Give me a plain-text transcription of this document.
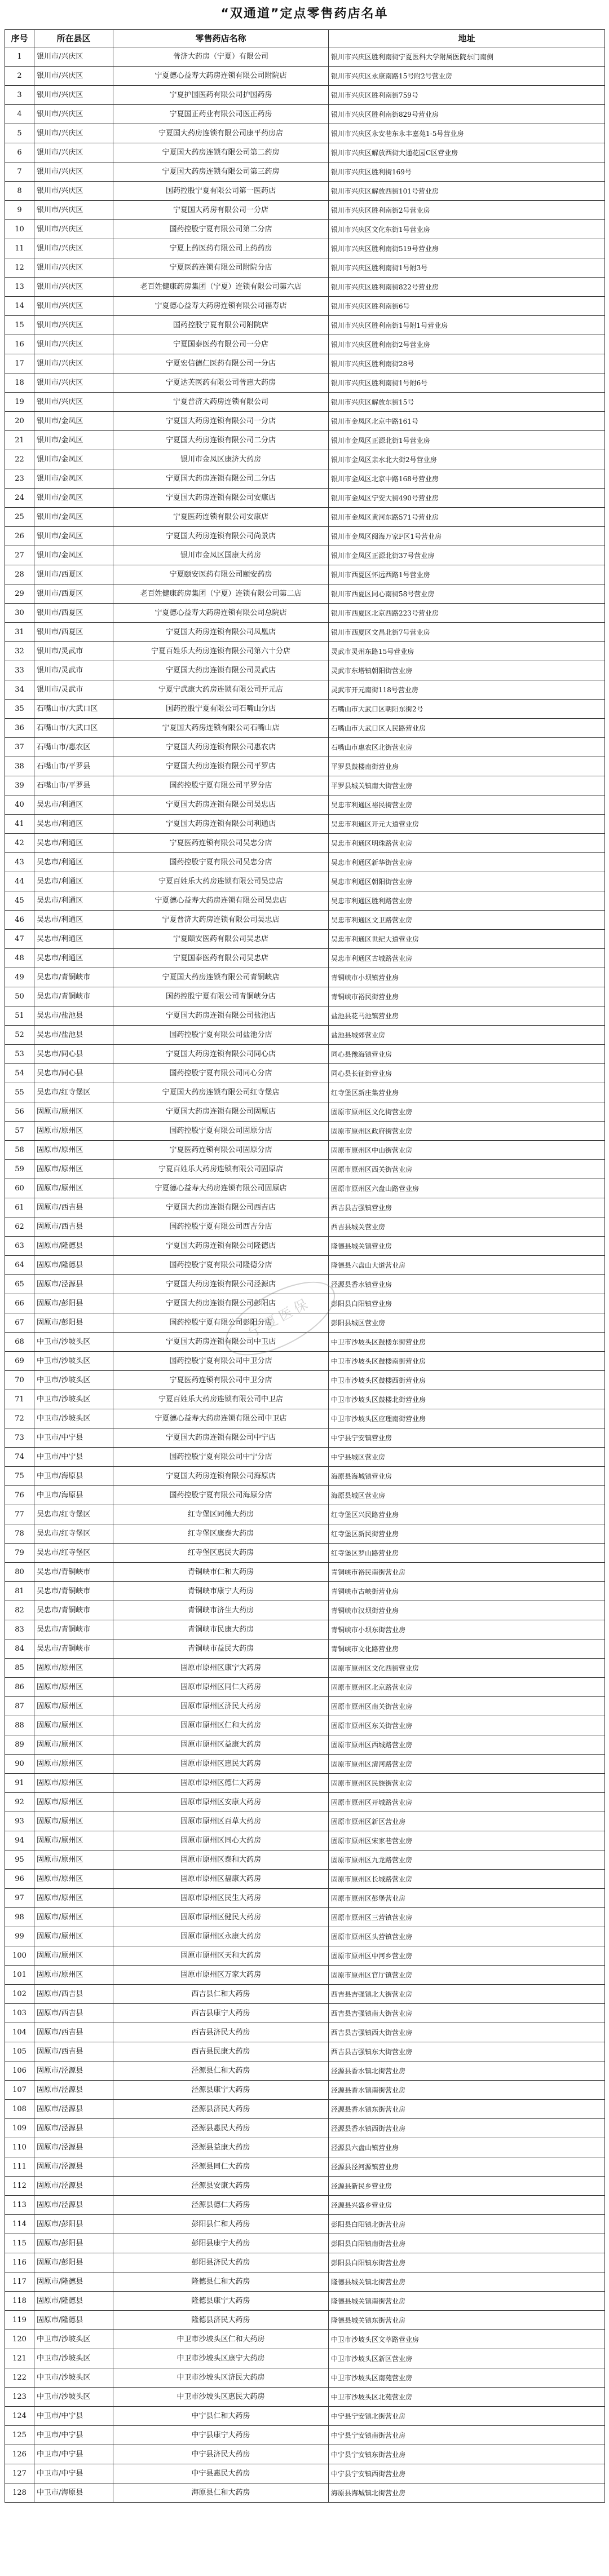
“双通道”定点零售药店名单
序号	所在县区	零售药店名称	地址
1	银川市/兴庆区	普济大药房（宁夏）有限公司	银川市兴庆区胜利南街宁夏医科大学附属医院东门南侧
2	银川市/兴庆区	宁夏德心益寿大药房连锁有限公司附院店	银川市兴庆区永康南路15号附2号营业房
3	银川市/兴庆区	宁夏护国医药有限公司护国药房	银川市兴庆区胜利南街759号
4	银川市/兴庆区	宁夏国正药业有限公司医正药房	银川市兴庆区胜利南街829号营业房
5	银川市/兴庆区	宁夏国大药房连锁有限公司康平药房店	银川市兴庆区永安巷东永丰嘉苑1-5号营业房
6	银川市/兴庆区	宁夏国大药房连锁有限公司第二药房	银川市兴庆区解放西街大通花园C区营业房
7	银川市/兴庆区	宁夏国大药房连锁有限公司第三药房	银川市兴庆区胜利街169号
8	银川市/兴庆区	国药控股宁夏有限公司第一医药店	银川市兴庆区解放西街101号营业房
9	银川市/兴庆区	宁夏国大药房有限公司一分店	银川市兴庆区胜利南街2号营业房
10	银川市/兴庆区	国药控股宁夏有限公司第二分店	银川市兴庆区文化东街1号营业房
11	银川市/兴庆区	宁夏上药医药有限公司上药药房	银川市兴庆区胜利南街519号营业房
12	银川市/兴庆区	宁夏医药连锁有限公司附院分店	银川市兴庆区胜利南街1号附3号
13	银川市/兴庆区	老百姓健康药房集团（宁夏）连锁有限公司第六店	银川市兴庆区胜利南街822号营业房
14	银川市/兴庆区	宁夏德心益寿大药房连锁有限公司福寿店	银川市兴庆区胜利南街6号
15	银川市/兴庆区	国药控股宁夏有限公司附院店	银川市兴庆区胜利南街1号附1号营业房
16	银川市/兴庆区	宁夏国泰医药有限公司一分店	银川市兴庆区胜利南街2号营业房
17	银川市/兴庆区	宁夏宏信德仁医药有限公司一分店	银川市兴庆区胜利南街28号
18	银川市/兴庆区	宁夏达芙医药有限公司普惠大药房	银川市兴庆区胜利南街1号附6号
19	银川市/兴庆区	宁夏普济大药房连锁有限公司	银川市兴庆区解放东街15号
20	银川市/金凤区	宁夏国大药房连锁有限公司一分店	银川市金凤区北京中路161号
21	银川市/金凤区	宁夏国大药房连锁有限公司二分店	银川市金凤区正源北街1号营业房
22	银川市/金凤区	银川市金凤区康济大药房	银川市金凤区亲水北大街2号营业房
23	银川市/金凤区	宁夏国大药房连锁有限公司二分店	银川市金凤区北京中路168号营业房
24	银川市/金凤区	宁夏国大药房连锁有限公司安康店	银川市金凤区宁安大街490号营业房
25	银川市/金凤区	宁夏医药连锁有限公司安康店	银川市金凤区黄河东路571号营业房
26	银川市/金凤区	宁夏国大药房连锁有限公司尚景店	银川市金凤区阅海万家F区1号营业房
27	银川市/金凤区	银川市金凤区国康大药房	银川市金凤区正源北街37号营业房
28	银川市/西夏区	宁夏颐安医药有限公司颐安药房	银川市西夏区怀远西路1号营业房
29	银川市/西夏区	老百姓健康药房集团（宁夏）连锁有限公司第二店	银川市西夏区同心南街58号营业房
30	银川市/西夏区	宁夏德心益寿大药房连锁有限公司总院店	银川市西夏区北京西路223号营业房
31	银川市/西夏区	宁夏国大药房连锁有限公司凤凰店	银川市西夏区文昌北街7号营业房
32	银川市/灵武市	宁夏百姓乐大药房连锁有限公司第六十分店	灵武市灵州东路15号营业房
33	银川市/灵武市	宁夏国大药房连锁有限公司灵武店	灵武市东塔镇朝阳街营业房
34	银川市/灵武市	宁夏宁武康大药房连锁有限公司开元店	灵武市开元南街118号营业房
35	石嘴山市/大武口区	国药控股宁夏有限公司石嘴山分店	石嘴山市大武口区朝阳东街2号
36	石嘴山市/大武口区	宁夏国大药房连锁有限公司石嘴山店	石嘴山市大武口区人民路营业房
37	石嘴山市/惠农区	宁夏国大药房连锁有限公司惠农店	石嘴山市惠农区北街营业房
38	石嘴山市/平罗县	宁夏国大药房连锁有限公司平罗店	平罗县鼓楼南街营业房
39	石嘴山市/平罗县	国药控股宁夏有限公司平罗分店	平罗县城关镇南大街营业房
40	吴忠市/利通区	宁夏国大药房连锁有限公司吴忠店	吴忠市利通区裕民街营业房
41	吴忠市/利通区	宁夏国大药房连锁有限公司利通店	吴忠市利通区开元大道营业房
42	吴忠市/利通区	宁夏医药连锁有限公司吴忠分店	吴忠市利通区明珠路营业房
43	吴忠市/利通区	国药控股宁夏有限公司吴忠分店	吴忠市利通区新华街营业房
44	吴忠市/利通区	宁夏百姓乐大药房连锁有限公司吴忠店	吴忠市利通区朝阳街营业房
45	吴忠市/利通区	宁夏德心益寿大药房连锁有限公司吴忠店	吴忠市利通区胜利路营业房
46	吴忠市/利通区	宁夏普济大药房连锁有限公司吴忠店	吴忠市利通区文卫路营业房
47	吴忠市/利通区	宁夏颐安医药有限公司吴忠店	吴忠市利通区世纪大道营业房
48	吴忠市/利通区	宁夏国泰医药有限公司吴忠店	吴忠市利通区古城路营业房
49	吴忠市/青铜峡市	宁夏国大药房连锁有限公司青铜峡店	青铜峡市小坝镇营业房
50	吴忠市/青铜峡市	国药控股宁夏有限公司青铜峡分店	青铜峡市裕民街营业房
51	吴忠市/盐池县	宁夏国大药房连锁有限公司盐池店	盐池县花马池镇营业房
52	吴忠市/盐池县	国药控股宁夏有限公司盐池分店	盐池县城郊营业房
53	吴忠市/同心县	宁夏国大药房连锁有限公司同心店	同心县豫海镇营业房
54	吴忠市/同心县	国药控股宁夏有限公司同心分店	同心县长征街营业房
55	吴忠市/红寺堡区	宁夏国大药房连锁有限公司红寺堡店	红寺堡区新庄集营业房
56	固原市/原州区	宁夏国大药房连锁有限公司固原店	固原市原州区文化街营业房
57	固原市/原州区	国药控股宁夏有限公司固原分店	固原市原州区政府街营业房
58	固原市/原州区	宁夏医药连锁有限公司固原分店	固原市原州区中山街营业房
59	固原市/原州区	宁夏百姓乐大药房连锁有限公司固原店	固原市原州区西关街营业房
60	固原市/原州区	宁夏德心益寿大药房连锁有限公司固原店	固原市原州区六盘山路营业房
61	固原市/西吉县	宁夏国大药房连锁有限公司西吉店	西吉县吉强镇营业房
62	固原市/西吉县	国药控股宁夏有限公司西吉分店	西吉县城关营业房
63	固原市/隆德县	宁夏国大药房连锁有限公司隆德店	隆德县城关镇营业房
64	固原市/隆德县	国药控股宁夏有限公司隆德分店	隆德县六盘山大道营业房
65	固原市/泾源县	宁夏国大药房连锁有限公司泾源店	泾源县香水镇营业房
66	固原市/彭阳县	宁夏国大药房连锁有限公司彭阳店	彭阳县白阳镇营业房
67	固原市/彭阳县	国药控股宁夏有限公司彭阳分店	彭阳县城区营业房
68	中卫市/沙坡头区	宁夏国大药房连锁有限公司中卫店	中卫市沙坡头区鼓楼东街营业房
69	中卫市/沙坡头区	国药控股宁夏有限公司中卫分店	中卫市沙坡头区鼓楼南街营业房
70	中卫市/沙坡头区	宁夏医药连锁有限公司中卫分店	中卫市沙坡头区鼓楼西街营业房
71	中卫市/沙坡头区	宁夏百姓乐大药房连锁有限公司中卫店	中卫市沙坡头区鼓楼北街营业房
72	中卫市/沙坡头区	宁夏德心益寿大药房连锁有限公司中卫店	中卫市沙坡头区应理南街营业房
73	中卫市/中宁县	宁夏国大药房连锁有限公司中宁店	中宁县宁安镇营业房
74	中卫市/中宁县	国药控股宁夏有限公司中宁分店	中宁县城区营业房
75	中卫市/海原县	宁夏国大药房连锁有限公司海原店	海原县海城镇营业房
76	中卫市/海原县	国药控股宁夏有限公司海原分店	海原县城区营业房
77	吴忠市/红寺堡区	红寺堡区同德大药房	红寺堡区兴民路营业房
78	吴忠市/红寺堡区	红寺堡区康泰大药房	红寺堡区新民街营业房
79	吴忠市/红寺堡区	红寺堡区惠民大药房	红寺堡区罗山路营业房
80	吴忠市/青铜峡市	青铜峡市仁和大药房	青铜峡市裕民南街营业房
81	吴忠市/青铜峡市	青铜峡市康宁大药房	青铜峡市古峡街营业房
82	吴忠市/青铜峡市	青铜峡市济生大药房	青铜峡市汉坝街营业房
83	吴忠市/青铜峡市	青铜峡市民康大药房	青铜峡市小坝东街营业房
84	吴忠市/青铜峡市	青铜峡市益民大药房	青铜峡市文化路营业房
85	固原市/原州区	固原市原州区康宁大药房	固原市原州区文化西街营业房
86	固原市/原州区	固原市原州区同仁大药房	固原市原州区北京路营业房
87	固原市/原州区	固原市原州区济民大药房	固原市原州区南关街营业房
88	固原市/原州区	固原市原州区仁和大药房	固原市原州区东关街营业房
89	固原市/原州区	固原市原州区益康大药房	固原市原州区西城路营业房
90	固原市/原州区	固原市原州区惠民大药房	固原市原州区清河路营业房
91	固原市/原州区	固原市原州区德仁大药房	固原市原州区民族街营业房
92	固原市/原州区	固原市原州区安康大药房	固原市原州区开城路营业房
93	固原市/原州区	固原市原州区百草大药房	固原市原州区新区营业房
94	固原市/原州区	固原市原州区同心大药房	固原市原州区宋家巷营业房
95	固原市/原州区	固原市原州区泰和大药房	固原市原州区九龙路营业房
96	固原市/原州区	固原市原州区福康大药房	固原市原州区长城路营业房
97	固原市/原州区	固原市原州区民生大药房	固原市原州区彭堡营业房
98	固原市/原州区	固原市原州区健民大药房	固原市原州区三营镇营业房
99	固原市/原州区	固原市原州区永康大药房	固原市原州区头营镇营业房
100	固原市/原州区	固原市原州区天和大药房	固原市原州区中河乡营业房
101	固原市/原州区	固原市原州区万家大药房	固原市原州区官厅镇营业房
102	固原市/西吉县	西吉县仁和大药房	西吉县吉强镇北大街营业房
103	固原市/西吉县	西吉县康宁大药房	西吉县吉强镇南大街营业房
104	固原市/西吉县	西吉县济民大药房	西吉县吉强镇西大街营业房
105	固原市/西吉县	西吉县民康大药房	西吉县吉强镇东大街营业房
106	固原市/泾源县	泾源县仁和大药房	泾源县香水镇北街营业房
107	固原市/泾源县	泾源县康宁大药房	泾源县香水镇南街营业房
108	固原市/泾源县	泾源县济民大药房	泾源县香水镇东街营业房
109	固原市/泾源县	泾源县惠民大药房	泾源县香水镇西街营业房
110	固原市/泾源县	泾源县益康大药房	泾源县六盘山镇营业房
111	固原市/泾源县	泾源县同仁大药房	泾源县泾河源镇营业房
112	固原市/泾源县	泾源县安康大药房	泾源县新民乡营业房
113	固原市/泾源县	泾源县德仁大药房	泾源县兴盛乡营业房
114	固原市/彭阳县	彭阳县仁和大药房	彭阳县白阳镇北街营业房
115	固原市/彭阳县	彭阳县康宁大药房	彭阳县白阳镇南街营业房
116	固原市/彭阳县	彭阳县济民大药房	彭阳县白阳镇东街营业房
117	固原市/隆德县	隆德县仁和大药房	隆德县城关镇北街营业房
118	固原市/隆德县	隆德县康宁大药房	隆德县城关镇南街营业房
119	固原市/隆德县	隆德县济民大药房	隆德县城关镇东街营业房
120	中卫市/沙坡头区	中卫市沙坡头区仁和大药房	中卫市沙坡头区文萃路营业房
121	中卫市/沙坡头区	中卫市沙坡头区康宁大药房	中卫市沙坡头区新区营业房
122	中卫市/沙坡头区	中卫市沙坡头区济民大药房	中卫市沙坡头区南苑营业房
123	中卫市/沙坡头区	中卫市沙坡头区惠民大药房	中卫市沙坡头区北苑营业房
124	中卫市/中宁县	中宁县仁和大药房	中宁县宁安镇北街营业房
125	中卫市/中宁县	中宁县康宁大药房	中宁县宁安镇南街营业房
126	中卫市/中宁县	中宁县济民大药房	中宁县宁安镇东街营业房
127	中卫市/中宁县	中宁县惠民大药房	中宁县宁安镇西街营业房
128	中卫市/海原县	海原县仁和大药房	海原县海城镇北街营业房
宁夏医保
